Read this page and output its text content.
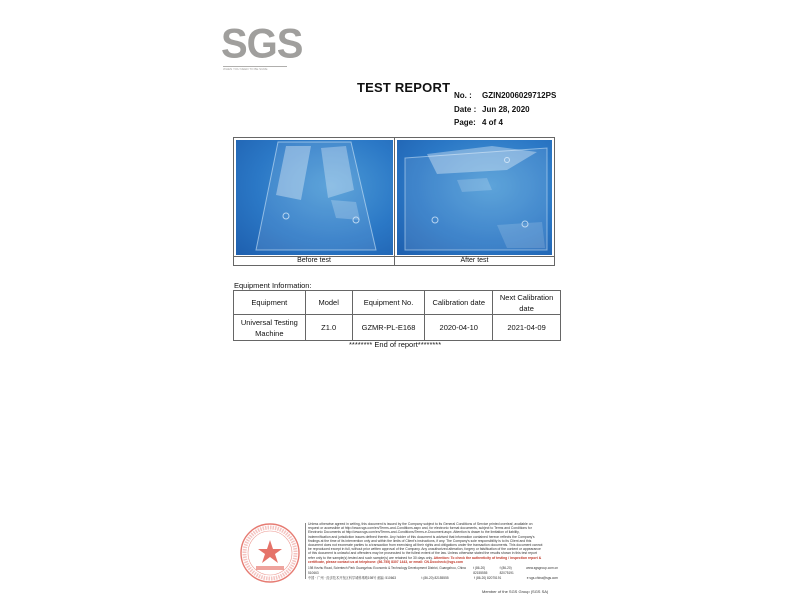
SGS
WHEN YOU NEED TO BE SURE
TEST REPORT
No. :	GZIN2006029712PS
Date : Jun 28, 2020
Page: 4 of 4
Before test	After test
Equipment Information:
Equipment	Model	Equipment No.	Calibration date	Next Calibration date
Universal Testing Machine	Z1.0	GZMR-PL-E168	2020-04-10	2021-04-09
******** End of report********
Unless otherwise agreed in writing, this document is issued by the Company subject to its General Conditions of Service printed overleaf, available on request or accessible at http://www.sgs.com/en/Terms-and-Conditions.aspx and, for electronic format documents, subject to Terms and Conditions for Electronic Documents at http://www.sgs.com/en/Terms-and-Conditions/Terms-e-Document.aspx. Attention is drawn to the limitation of liability, indemnification and jurisdiction issues defined therein. Any holder of this document is advised that information contained hereon reflects the Company's findings at the time of its intervention only and within the limits of Client's instructions, if any. The Company's sole responsibility is to its Client and this document does not exonerate parties to a transaction from exercising all their rights and obligations under the transaction documents. This document cannot be reproduced except in full, without prior written approval of the Company. Any unauthorized alteration, forgery or falsification of the content or appearance of this document is unlawful and offenders may be prosecuted to the fullest extent of the law. Unless otherwise stated the results shown in this test report refer only to the sample(s) tested and such sample(s) are retained for 30 days only. Attention: To check the authenticity of testing / inspection report & certificate, please contact us at telephone: (86-755) 8307 1443, or email: CN.Doccheck@sgs.com
198 Kezhu Road, Scientech Park Guangzhou Economic & Technology Development District, Guangzhou, China 510663
t (86-20) 82155555
f (86-20) 82075191
www.sgsgroup.com.cn
中国 · 广州 · 经济技术开发区科学城科珠路198号 邮编: 510663	t (86-20) 82155555	f (86-20) 82075191	e sgs.china@sgs.com
Member of the SGS Group (SGS SA)
